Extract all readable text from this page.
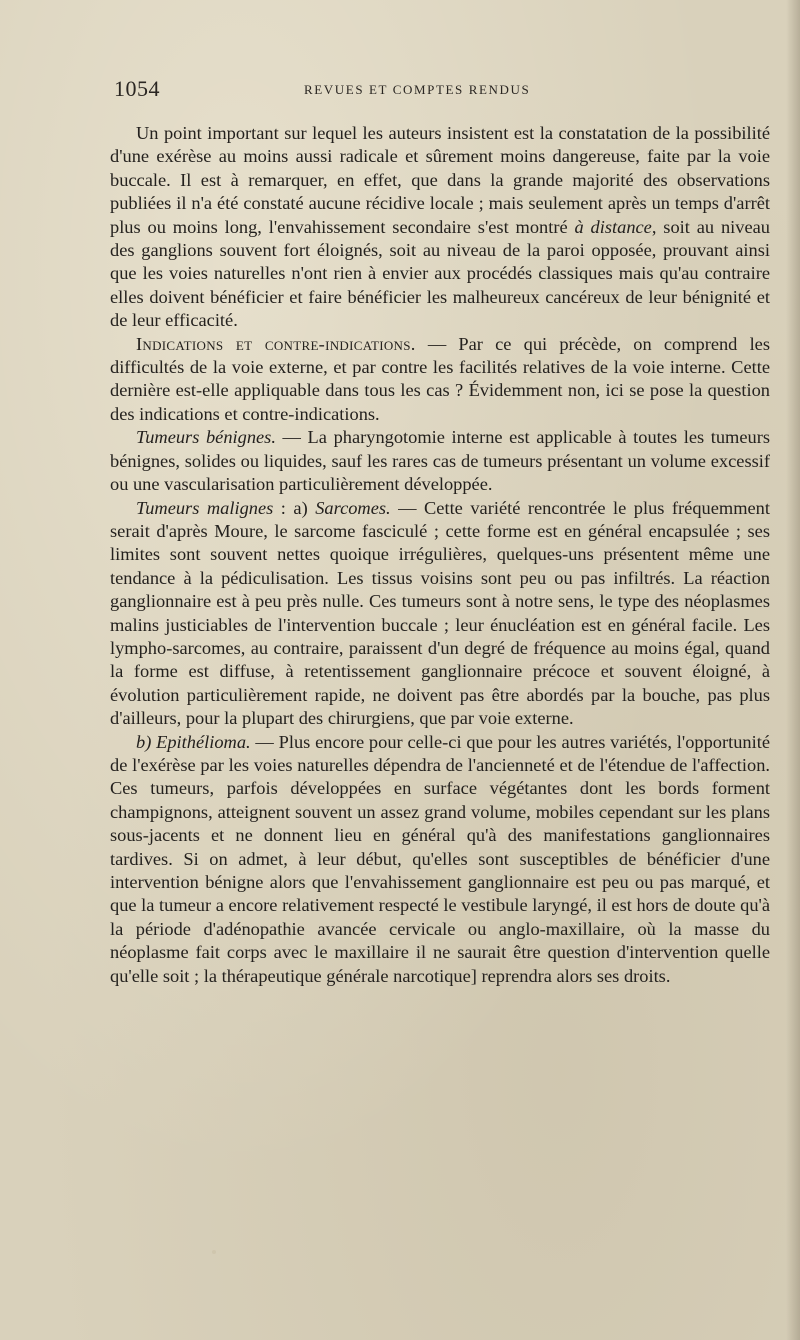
1054	REVUES ET COMPTES RENDUS

Un point important sur lequel les auteurs insistent est la constatation de la possibilité d'une exérèse au moins aussi radicale et sûrement moins dangereuse, faite par la voie buccale. Il est à remarquer, en effet, que dans la grande majorité des observations publiées il n'a été constaté aucune récidive locale ; mais seulement après un temps d'arrêt plus ou moins long, l'envahissement secondaire s'est montré à distance, soit au niveau des ganglions souvent fort éloignés, soit au niveau de la paroi opposée, prouvant ainsi que les voies naturelles n'ont rien à envier aux procédés classiques mais qu'au contraire elles doivent bénéficier et faire bénéficier les malheureux cancéreux de leur bénignité et de leur efficacité.

Indications et contre-indications. — Par ce qui précède, on comprend les difficultés de la voie externe, et par contre les facilités relatives de la voie interne. Cette dernière est-elle appliquable dans tous les cas ? Évidemment non, ici se pose la question des indications et contre-indications.

Tumeurs bénignes. — La pharyngotomie interne est applicable à toutes les tumeurs bénignes, solides ou liquides, sauf les rares cas de tumeurs présentant un volume excessif ou une vascularisation particulièrement développée.

Tumeurs malignes : a) Sarcomes. — Cette variété rencontrée le plus fréquemment serait d'après Moure, le sarcome fasciculé ; cette forme est en général encapsulée ; ses limites sont souvent nettes quoique irrégulières, quelques-uns présentent même une tendance à la pédiculisation. Les tissus voisins sont peu ou pas infiltrés. La réaction ganglionnaire est à peu près nulle. Ces tumeurs sont à notre sens, le type des néoplasmes malins justiciables de l'intervention buccale ; leur énucléation est en général facile. Les lympho-sarcomes, au contraire, paraissent d'un degré de fréquence au moins égal, quand la forme est diffuse, à retentissement ganglionnaire précoce et souvent éloigné, à évolution particulièrement rapide, ne doivent pas être abordés par la bouche, pas plus d'ailleurs, pour la plupart des chirurgiens, que par voie externe.

b) Epithélioma. — Plus encore pour celle-ci que pour les autres variétés, l'opportunité de l'exérèse par les voies naturelles dépendra de l'ancienneté et de l'étendue de l'affection. Ces tumeurs, parfois développées en surface végétantes dont les bords forment champignons, atteignent souvent un assez grand volume, mobiles cependant sur les plans sous-jacents et ne donnent lieu en général qu'à des manifestations ganglionnaires tardives. Si on admet, à leur début, qu'elles sont susceptibles de bénéficier d'une intervention bénigne alors que l'envahissement ganglionnaire est peu ou pas marqué, et que la tumeur a encore relativement respecté le vestibule laryngé, il est hors de doute qu'à la période d'adénopathie avancée cervicale ou anglo-maxillaire, où la masse du néoplasme fait corps avec le maxillaire il ne saurait être question d'intervention quelle qu'elle soit ; la thérapeutique générale narcotique] reprendra alors ses droits.
